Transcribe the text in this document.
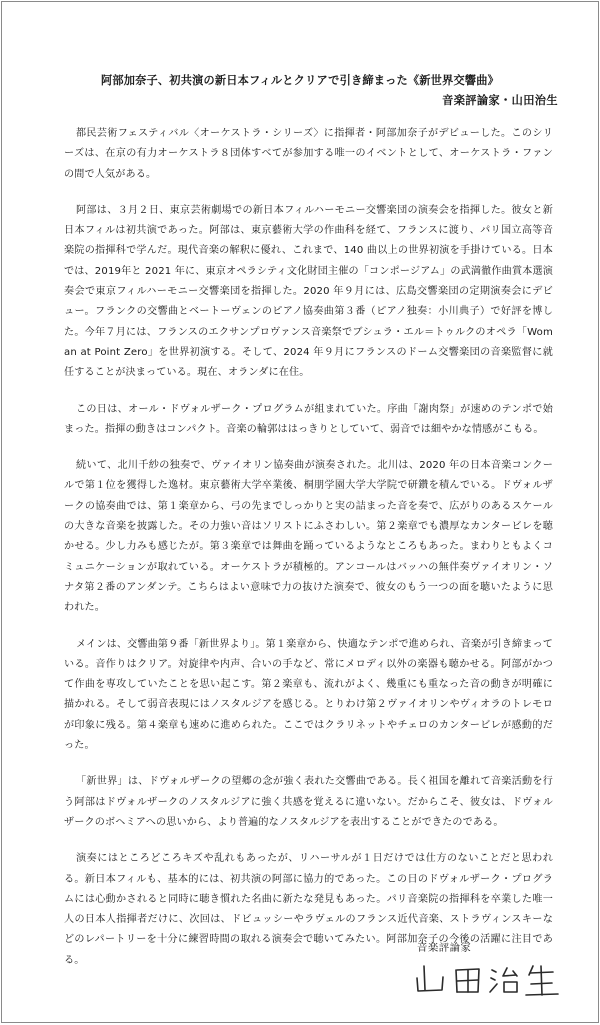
阿部加奈子、初共演の新日本フィルとクリアで引き締まった《新世界交響曲》
音楽評論家・山田治生

都民芸術フェスティバル〈オーケストラ・シリーズ〉に指揮者・阿部加奈子がデビューした。このシリーズは、在京の有力オーケストラ８団体すべてが参加する唯一のイベントとして、オーケストラ・ファンの間で人気がある。

阿部は、３月２日、東京芸術劇場での新日本フィルハーモニー交響楽団の演奏会を指揮した。彼女と新日本フィルは初共演であった。阿部は、東京藝術大学の作曲科を経て、フランスに渡り、パリ国立高等音楽院の指揮科で学んだ。現代音楽の解釈に優れ、これまで、140 曲以上の世界初演を手掛けている。日本では、2019年と 2021 年に、東京オペラシティ文化財団主催の「コンポージアム」の武満徹作曲賞本選演奏会で東京フィルハーモニー交響楽団を指揮した。2020 年９月には、広島交響楽団の定期演奏会にデビュー。フランクの交響曲とベートーヴェンのピアノ協奏曲第３番（ピアノ独奏：小川典子）で好評を博した。今年７月には、フランスのエクサンプロヴァンス音楽祭でブシュラ・エル＝トゥルクのオペラ「Woman at Point Zero」を世界初演する。そして、2024 年９月にフランスのドーム交響楽団の音楽監督に就任することが決まっている。現在、オランダに在住。

この日は、オール・ドヴォルザーク・プログラムが組まれていた。序曲「謝肉祭」が速めのテンポで始まった。指揮の動きはコンパクト。音楽の輪郭ははっきりとしていて、弱音では細やかな情感がこもる。

続いて、北川千紗の独奏で、ヴァイオリン協奏曲が演奏された。北川は、2020 年の日本音楽コンクールで第１位を獲得した逸材。東京藝術大学卒業後、桐朋学園大学大学院で研鑽を積んでいる。ドヴォルザークの協奏曲では、第１楽章から、弓の先までしっかりと実の詰まった音を奏で、広がりのあるスケールの大きな音楽を披露した。その力強い音はソリストにふさわしい。第２楽章でも濃厚なカンタービレを聴かせる。少し力みも感じたが。第３楽章では舞曲を踊っているようなところもあった。まわりともよくコミュニケーションが取れている。オーケストラが積極的。アンコールはバッハの無伴奏ヴァイオリン・ソナタ第２番のアンダンテ。こちらはよい意味で力の抜けた演奏で、彼女のもう一つの面を聴いたように思われた。

メインは、交響曲第９番「新世界より」。第１楽章から、快適なテンポで進められ、音楽が引き締まっている。音作りはクリア。対旋律や内声、合いの手など、常にメロディ以外の楽器も聴かせる。阿部がかつて作曲を専攻していたことを思い起こす。第２楽章も、流れがよく、幾重にも重なった音の動きが明確に描かれる。そして弱音表現にはノスタルジアを感じる。とりわけ第２ヴァイオリンやヴィオラのトレモロが印象に残る。第４楽章も速めに進められた。ここではクラリネットやチェロのカンタービレが感動的だった。

「新世界」は、ドヴォルザークの望郷の念が強く表れた交響曲である。長く祖国を離れて音楽活動を行う阿部はドヴォルザークのノスタルジアに強く共感を覚えるに違いない。だからこそ、彼女は、ドヴォルザークのボヘミアへの思いから、より普遍的なノスタルジアを表出することができたのである。

演奏にはところどころキズや乱れもあったが、リハーサルが１日だけでは仕方のないことだと思われる。新日本フィルも、基本的には、初共演の阿部に協力的であった。この日のドヴォルザーク・プログラムには心動かされると同時に聴き慣れた名曲に新たな発見もあった。パリ音楽院の指揮科を卒業した唯一人の日本人指揮者だけに、次回は、ドビュッシーやラヴェルのフランス近代音楽、ストラヴィンスキーなどのレパートリーを十分に練習時間の取れる演奏会で聴いてみたい。阿部加奈子の今後の活躍に注目である。

音楽評論家
